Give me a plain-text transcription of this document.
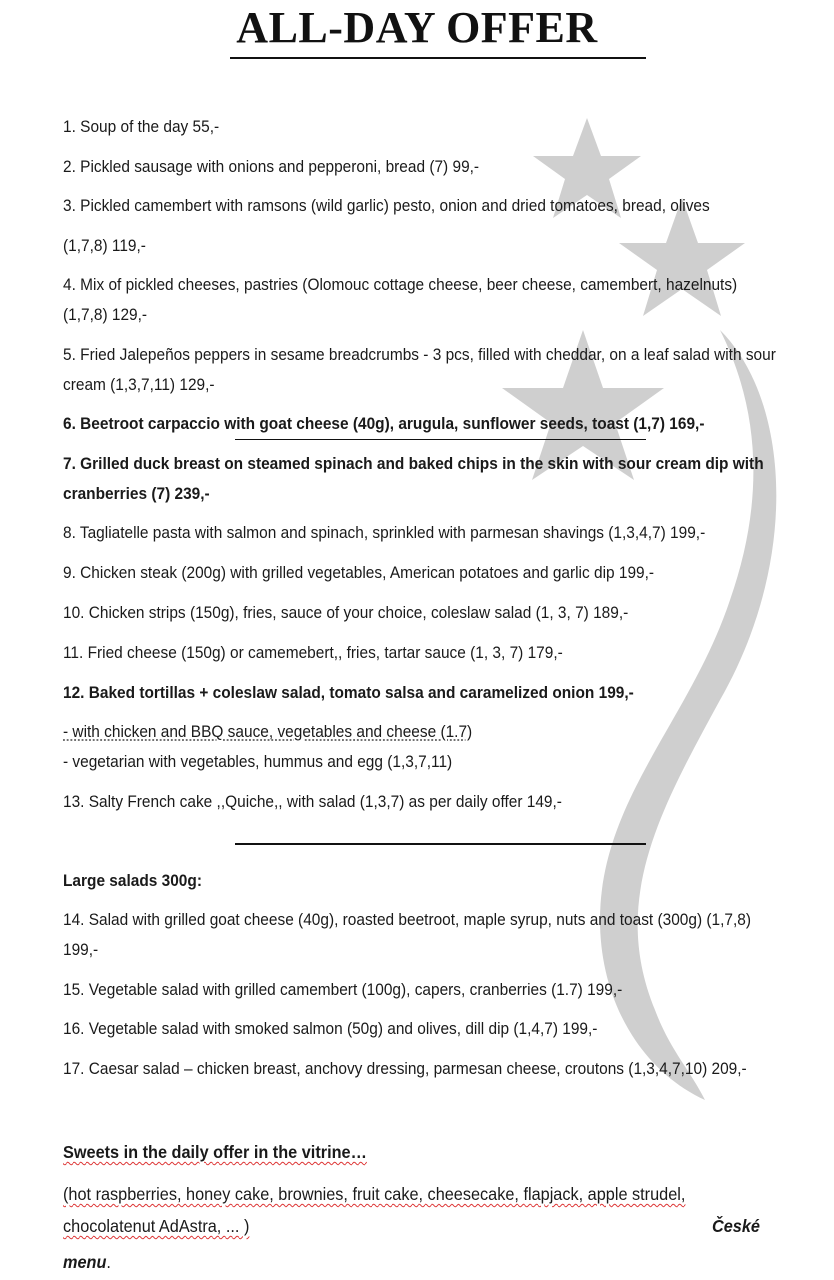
ALL-DAY OFFER
1. Soup of the day 55,-
2. Pickled sausage with onions and pepperoni, bread (7) 99,-
3. Pickled camembert with ramsons (wild garlic) pesto, onion and dried tomatoes, bread, olives
(1,7,8) 119,-
4. Mix of pickled cheeses, pastries (Olomouc cottage cheese, beer cheese, camembert, hazelnuts)
(1,7,8) 129,-
5. Fried Jalepeños peppers in sesame breadcrumbs - 3 pcs, filled with cheddar, on a leaf salad with sour
cream (1,3,7,11) 129,-
6. Beetroot carpaccio with goat cheese (40g), arugula, sunflower seeds, toast (1,7) 169,-
7. Grilled duck breast on steamed spinach and baked chips in the skin with sour cream dip with
cranberries (7) 239,-
8. Tagliatelle pasta with salmon and spinach, sprinkled with parmesan shavings (1,3,4,7) 199,-
9. Chicken steak (200g) with grilled vegetables, American potatoes and garlic dip 199,-
10. Chicken strips (150g), fries, sauce of your choice, coleslaw salad (1, 3, 7) 189,-
11. Fried cheese (150g) or camemebert,, fries, tartar sauce (1, 3, 7) 179,-
12. Baked tortillas + coleslaw salad, tomato salsa and caramelized onion 199,-
- with chicken and BBQ sauce, vegetables and cheese (1.7)
- vegetarian with vegetables, hummus and egg (1,3,7,11)
13. Salty French cake ,,Quiche,, with salad (1,3,7) as per daily offer 149,-
Large salads 300g:
14. Salad with grilled goat cheese (40g), roasted beetroot, maple syrup, nuts and toast (300g) (1,7,8)
199,-
15. Vegetable salad with grilled camembert (100g), capers, cranberries (1.7) 199,-
16. Vegetable salad with smoked salmon (50g) and olives, dill dip (1,4,7) 199,-
17. Caesar salad – chicken breast, anchovy dressing, parmesan cheese, croutons (1,3,4,7,10) 209,-
Sweets in the daily offer in the vitrine…
(hot raspberries, honey cake, brownies, fruit cake, cheesecake, flapjack, apple strudel,
chocolatenut AdAstra, ... )	České
menu.
